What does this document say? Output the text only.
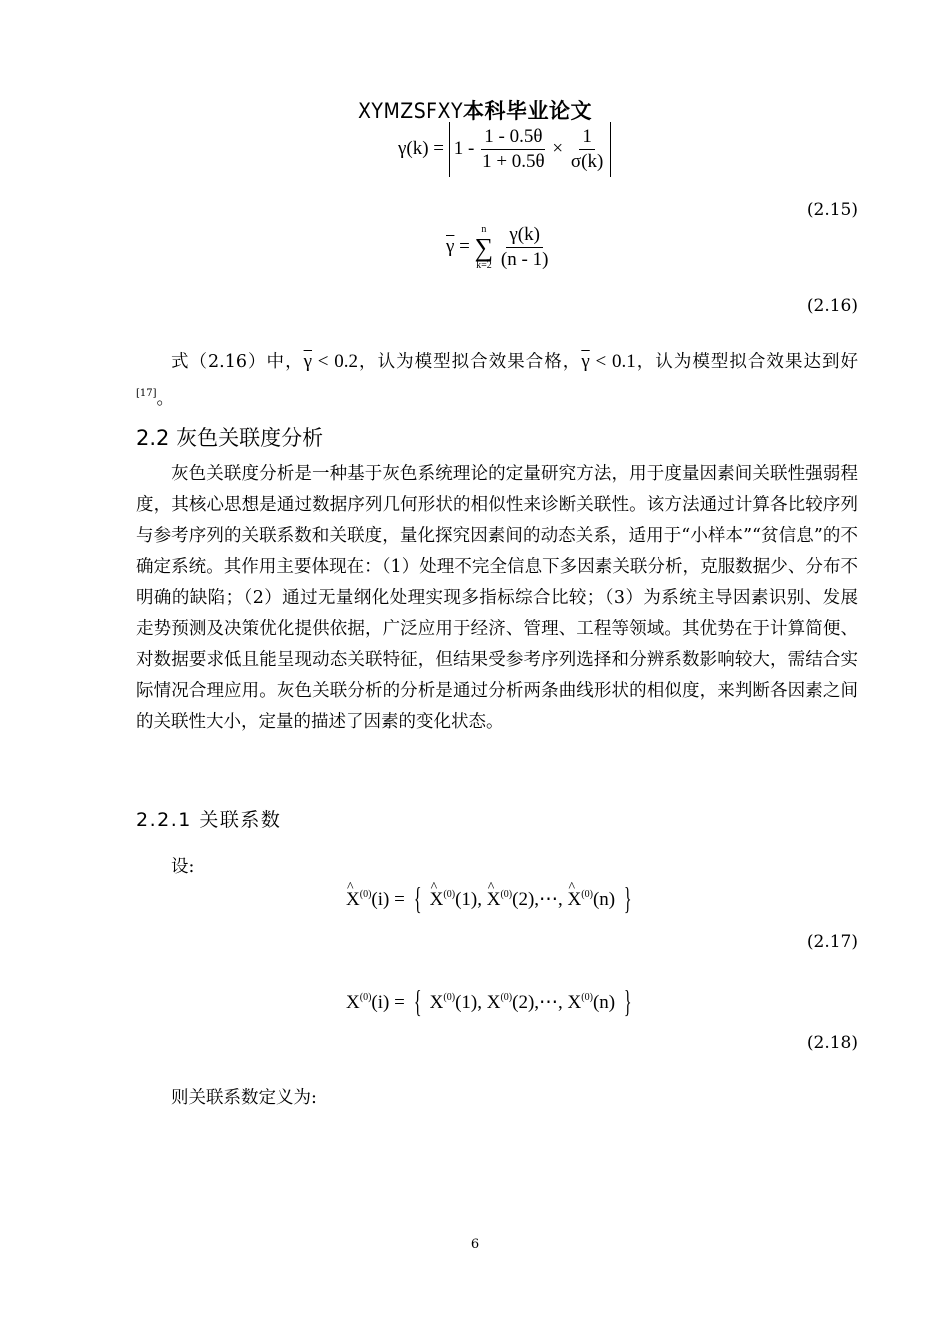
XYMZSFXY本科毕业论文
$\gamma(k) = 1 - \frac{1 - 0.5\theta}{1 + 0.5\theta} \times \frac{1}{\sigma(k)}$
(2.15)
$\overline{\gamma}$ =
n
∑
k=2
$\frac{\gamma(k)}{(n - 1)}$
(2.16)
式（2.16）中，$\overline{\gamma} < 0.2$，认为模型拟合效果合格，$\overline{\gamma} < 0.1$，认为模型拟合效果达到好[17]。
2.2 灰色关联度分析
灰色关联度分析是一种基于灰色系统理论的定量研究方法，用于度量因素间关联性强弱程度，其核心思想是通过数据序列几何形状的相似性来诊断关联性。该方法通过计算各比较序列与参考序列的关联系数和关联度，量化探究因素间的动态关系，适用于“小样本”“贫信息”的不确定系统。其作用主要体现在：（1）处理不完全信息下多因素关联分析，克服数据少、分布不明确的缺陷；（2）通过无量纲化处理实现多指标综合比较；（3）为系统主导因素识别、发展走势预测及决策优化提供依据，广泛应用于经济、管理、工程等领域。其优势在于计算简便、对数据要求低且能呈现动态关联特征，但结果受参考序列选择和分辨系数影响较大，需结合实际情况合理应用。灰色关联分析的分析是通过分析两条曲线形状的相似度，来判断各因素之间的关联性大小，定量的描述了因素的变化状态。
2.2.1 关联系数
设:
^ $X^{(0)}(i)$ = { ^ $X^{(0)}(1)$, ^ $X^{(0)}(2),\cdots$, ^ $X^{(0)}(n)$ }
(2.17)
$X^{(0)}(i)$ = { $X^{(0)}(1)$, $X^{(0)}(2),\cdots$, $X^{(0)}(n)$ }
(2.18)
则关联系数定义为:
6
